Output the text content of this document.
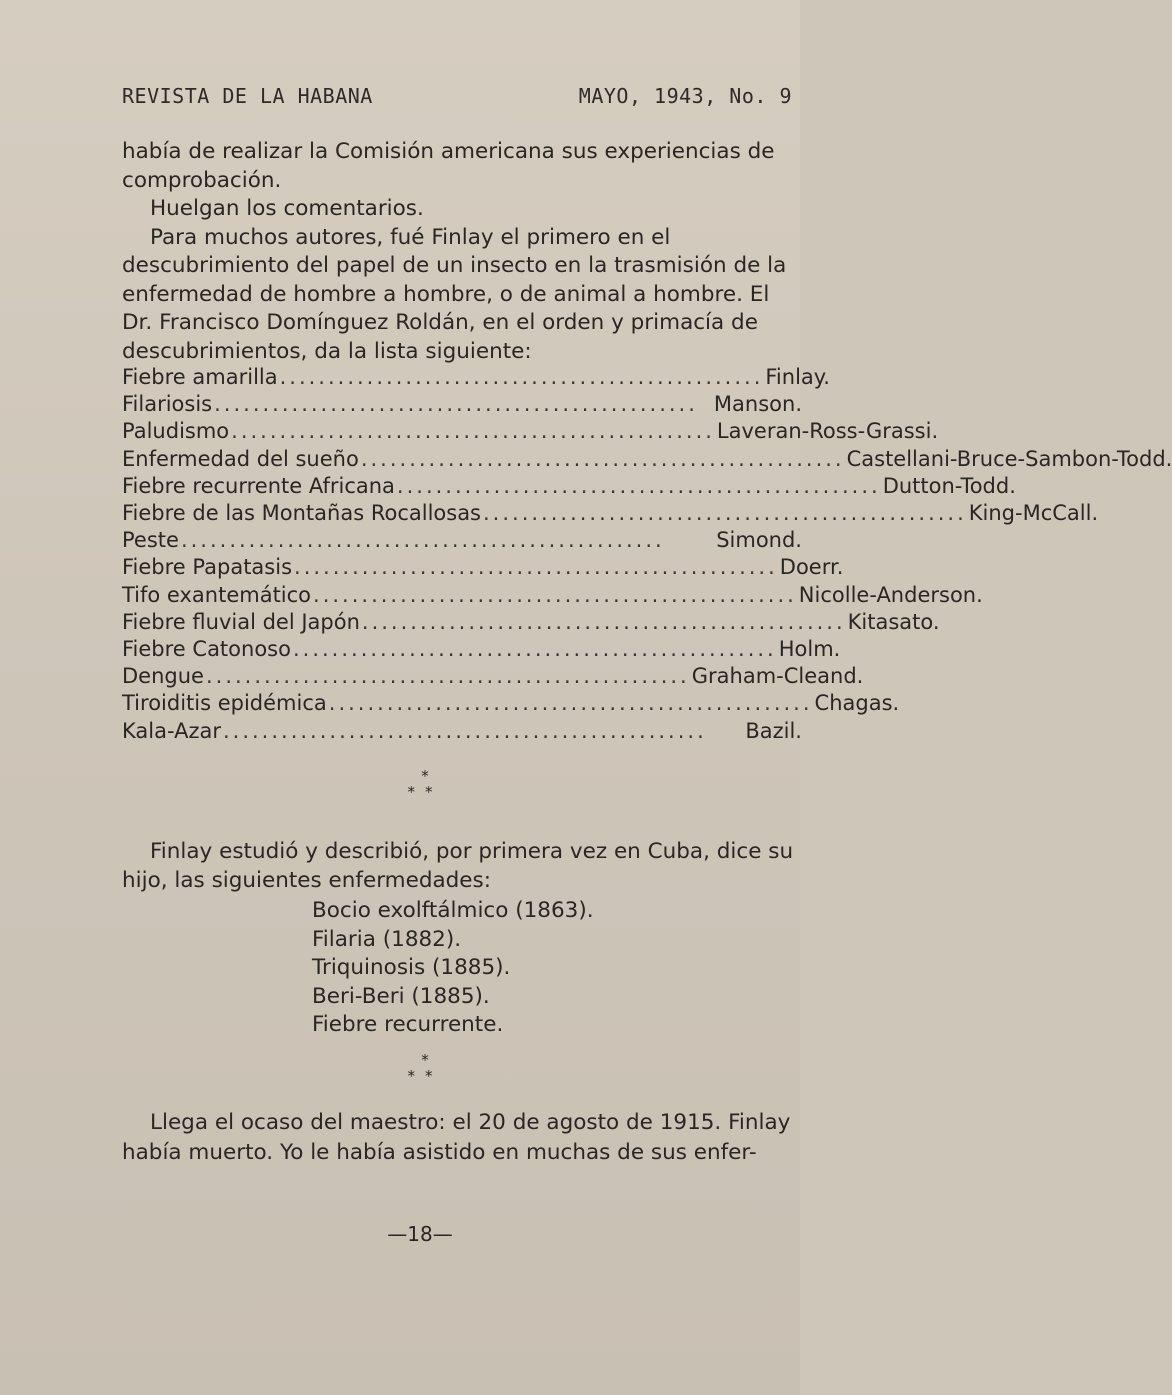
REVISTA DE LA HABANA	MAYO, 1943, No. 9

había de realizar la Comisión americana sus experiencias de comprobación.

Huelgan los comentarios.

Para muchos autores, fué Finlay el primero en el descubrimiento del papel de un insecto en la trasmisión de la enfermedad de hombre a hombre, o de animal a hombre. El Dr. Francisco Domínguez Roldán, en el orden y primacía de descubrimientos, da la lista siguiente:

Fiebre amarilla .................................................. Finlay.
Filariosis .................................................. Manson.
Paludismo .................................................. Laveran-Ross-Grassi.
Enfermedad del sueño .................................................. Castellani-Bruce-Sambon-Todd.
Fiebre recurrente Africana .................................................. Dutton-Todd.
Fiebre de las Montañas Rocallosas .................................................. King-McCall.
Peste ..................................................	Simond.
Fiebre Papatasis .................................................. Doerr.
Tifo exantemático .................................................. Nicolle-Anderson.
Fiebre fluvial del Japón .................................................. Kitasato.
Fiebre Catonoso .................................................. Holm.
Dengue .................................................. Graham-Cleand.
Tiroiditis epidémica .................................................. Chagas.
Kala-Azar ..................................................	Bazil.
*
**

Finlay estudió y describió, por primera vez en Cuba, dice su hijo, las siguientes enfermedades:

Bocio exolftálmico (1863).
Filaria (1882).
Triquinosis (1885).
Beri-Beri (1885).
Fiebre recurrente.
*
**

Llega el ocaso del maestro: el 20 de agosto de 1915. Finlay había muerto. Yo le había asistido en muchas de sus enfer-

—18—
